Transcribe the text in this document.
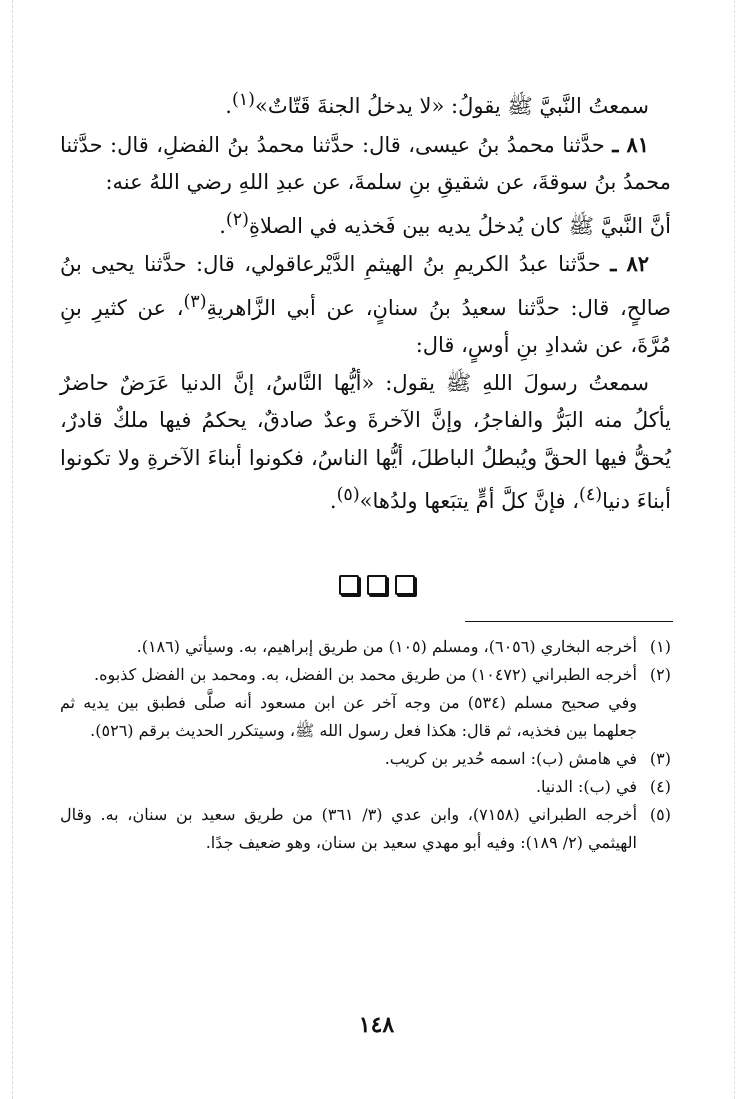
سمعتُ النَّبيَّ ﷺ يقولُ: «لا يدخلُ الجنةَ قَتّاتٌ»$^{(١)}$.

٨١ ـ حدَّثنا محمدُ بنُ عيسى، قال: حدَّثنا محمدُ بنُ الفضلِ، قال: حدَّثنا محمدُ بنُ سوقةَ، عن شقيقِ بنِ سلمةَ، عن عبدِ اللهِ رضي اللهُ عنه:

أنَّ النَّبيَّ ﷺ كان يُدخلُ يديه بين فَخذيه في الصلاةِ$^{(٢)}$.

٨٢ ـ حدَّثنا عبدُ الكريمِ بنُ الهيثمِ الدَّيْرعاقولي، قال: حدَّثنا يحيى بنُ صالحٍ، قال: حدَّثنا سعيدُ بنُ سنانٍ، عن أبي الزَّاهريةِ$^{(٣)}$، عن كثيرِ بنِ مُرَّةَ، عن شدادِ بنِ أوسٍ، قال:

سمعتُ رسولَ اللهِ ﷺ يقول: «أيُّها النَّاسُ، إنَّ الدنيا عَرَضٌ حاضرٌ يأكلُ منه البَرُّ والفاجرُ، وإنَّ الآخرةَ وعدٌ صادقٌ، يحكمُ فيها ملكٌ قادرٌ، يُحقُّ فيها الحقَّ ويُبطلُ الباطلَ، أيُّها الناسُ، فكونوا أبناءَ الآخرةِ ولا تكونوا أبناءَ دنيا$^{(٤)}$، فإنَّ كلَّ أمٍّ يتبَعها ولدُها»$^{(٥)}$.

(١)
أخرجه البخاري (٦٠٥٦)، ومسلم (١٠٥) من طريق إبراهيم، به. وسيأتي (١٨٦).
(٢)
أخرجه الطبراني (١٠٤٧٢) من طريق محمد بن الفضل، به. ومحمد بن الفضل كذبوه.
وفي صحيح مسلم (٥٣٤) من وجه آخر عن ابن مسعود أنه صلَّى فطبق بين يديه ثم جعلهما بين فخذيه، ثم قال: هكذا فعل رسول الله ﷺ، وسيتكرر الحديث برقم (٥٢٦).
(٣)
في هامش (ب): اسمه حُدير بن كريب.
(٤)
في (ب): الدنيا.
(٥)
أخرجه الطبراني (٧١٥٨)، وابن عدي (٣/ ٣٦١) من طريق سعيد بن سنان، به. وقال الهيثمي (٢/ ١٨٩): وفيه أبو مهدي سعيد بن سنان، وهو ضعيف جدًا.
١٤٨
